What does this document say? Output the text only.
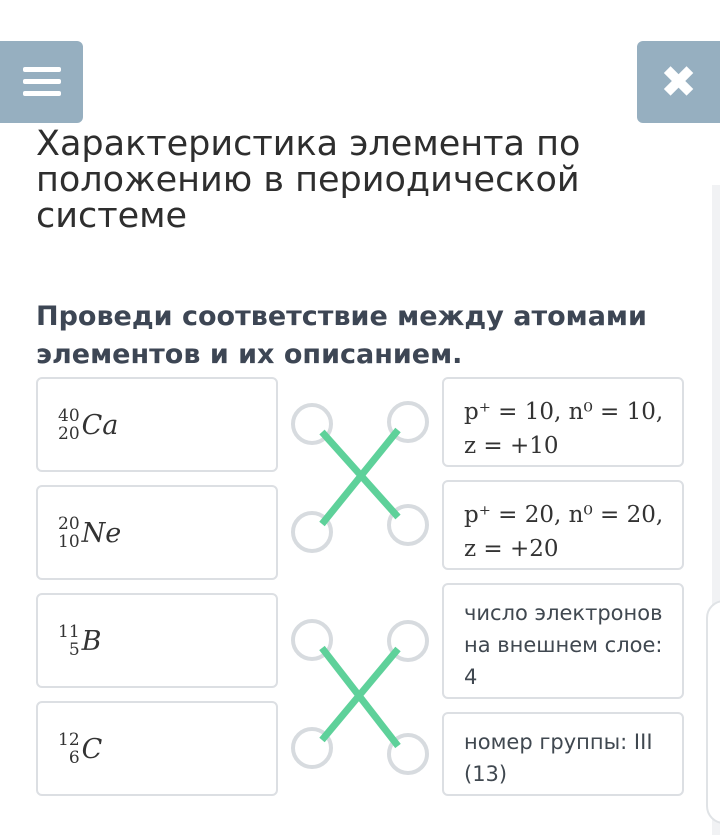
✖
Характеристика элемента по положению в периодической системе

Проведи соответствие между атомами элементов и их описанием.

40
20 Ca
20
10 Ne
11
5 B
12
6 C
p⁺ = 10, n⁰ = 10,
z = +10
p⁺ = 20, n⁰ = 20,
z = +20
число электронов на внешнем слое: 4
номер группы: III (13)
